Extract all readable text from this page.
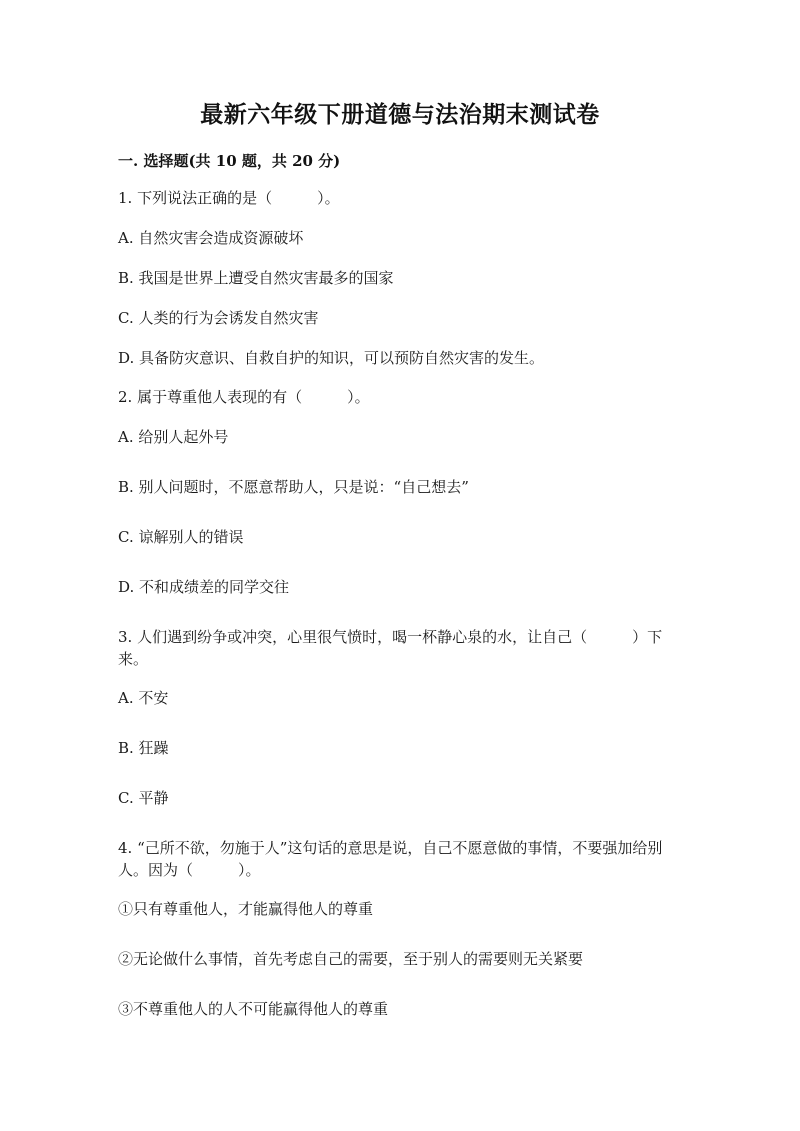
最新六年级下册道德与法治期末测试卷
一. 选择题(共 10 题，共 20 分)
1. 下列说法正确的是（　　　）。
A. 自然灾害会造成资源破坏
B. 我国是世界上遭受自然灾害最多的国家
C. 人类的行为会诱发自然灾害
D. 具备防灾意识、自救自护的知识，可以预防自然灾害的发生。
2. 属于尊重他人表现的有（　　　）。
A. 给别人起外号
B. 别人问题时，不愿意帮助人，只是说：“自己想去”
C. 谅解别人的错误
D. 不和成绩差的同学交往
3. 人们遇到纷争或冲突，心里很气愤时，喝一杯静心泉的水，让自己（　　　）下来。
A. 不安
B. 狂躁
C. 平静
4. “己所不欲，勿施于人”这句话的意思是说，自己不愿意做的事情，不要强加给别人。因为（　　　）。
①只有尊重他人，才能赢得他人的尊重
②无论做什么事情，首先考虑自己的需要，至于别人的需要则无关紧要
③不尊重他人的人不可能赢得他人的尊重
